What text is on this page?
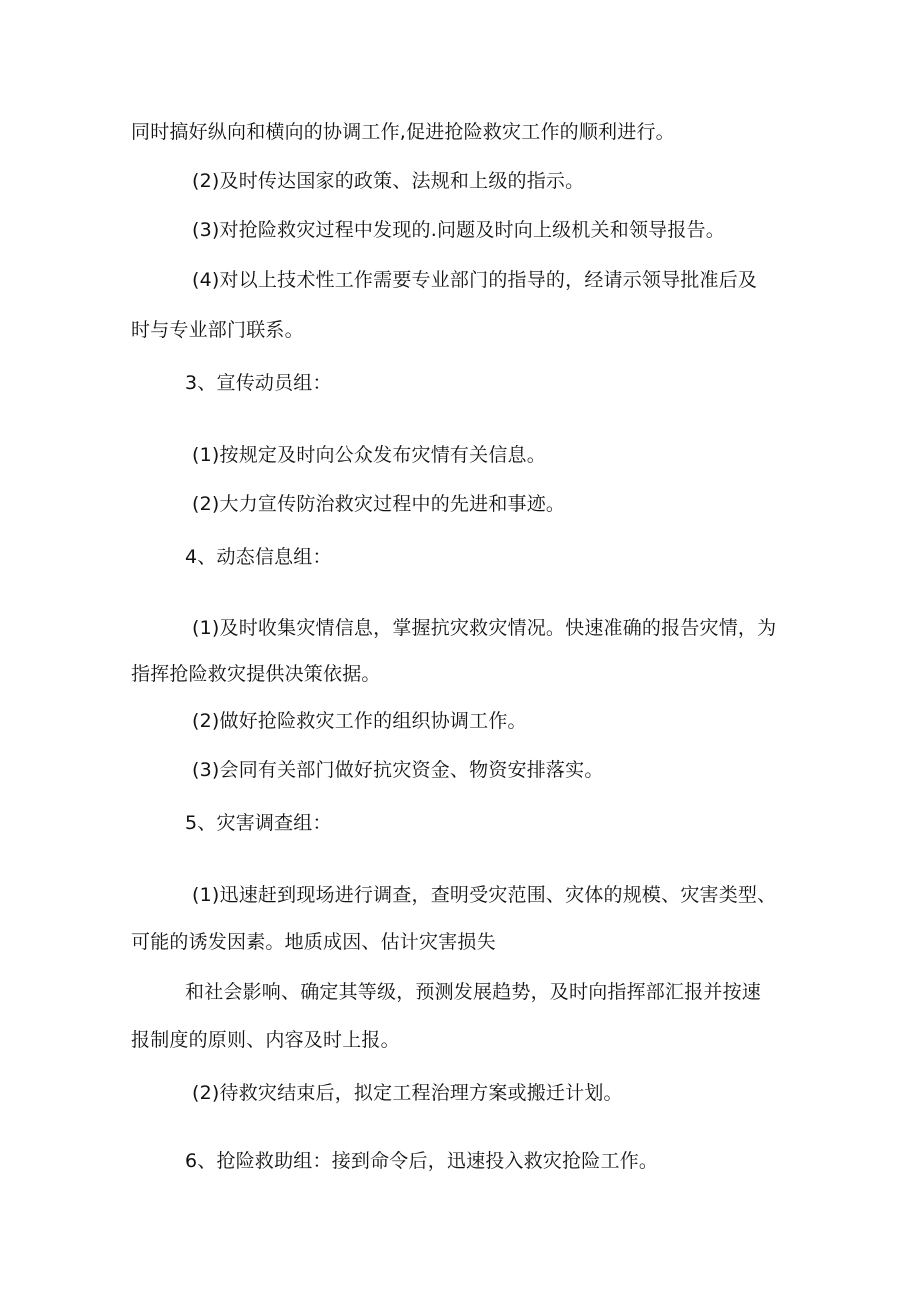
同时搞好纵向和横向的协调工作,促进抢险救灾工作的顺利进行。
(2)及时传达国家的政策、法规和上级的指示。
(3)对抢险救灾过程中发现的.问题及时向上级机关和领导报告。
(4)对以上技术性工作需要专业部门的指导的，经请示领导批准后及
时与专业部门联系。
3、宣传动员组：
(1)按规定及时向公众发布灾情有关信息。
(2)大力宣传防治救灾过程中的先进和事迹。
4、动态信息组：
(1)及时收集灾情信息，掌握抗灾救灾情况。快速准确的报告灾情，为
指挥抢险救灾提供决策依据。
(2)做好抢险救灾工作的组织协调工作。
(3)会同有关部门做好抗灾资金、物资安排落实。
5、灾害调查组：
(1)迅速赶到现场进行调查，查明受灾范围、灾体的规模、灾害类型、
可能的诱发因素。地质成因、估计灾害损失
和社会影响、确定其等级，预测发展趋势，及时向指挥部汇报并按速
报制度的原则、内容及时上报。
(2)待救灾结束后，拟定工程治理方案或搬迁计划。
6、抢险救助组：接到命令后，迅速投入救灾抢险工作。
